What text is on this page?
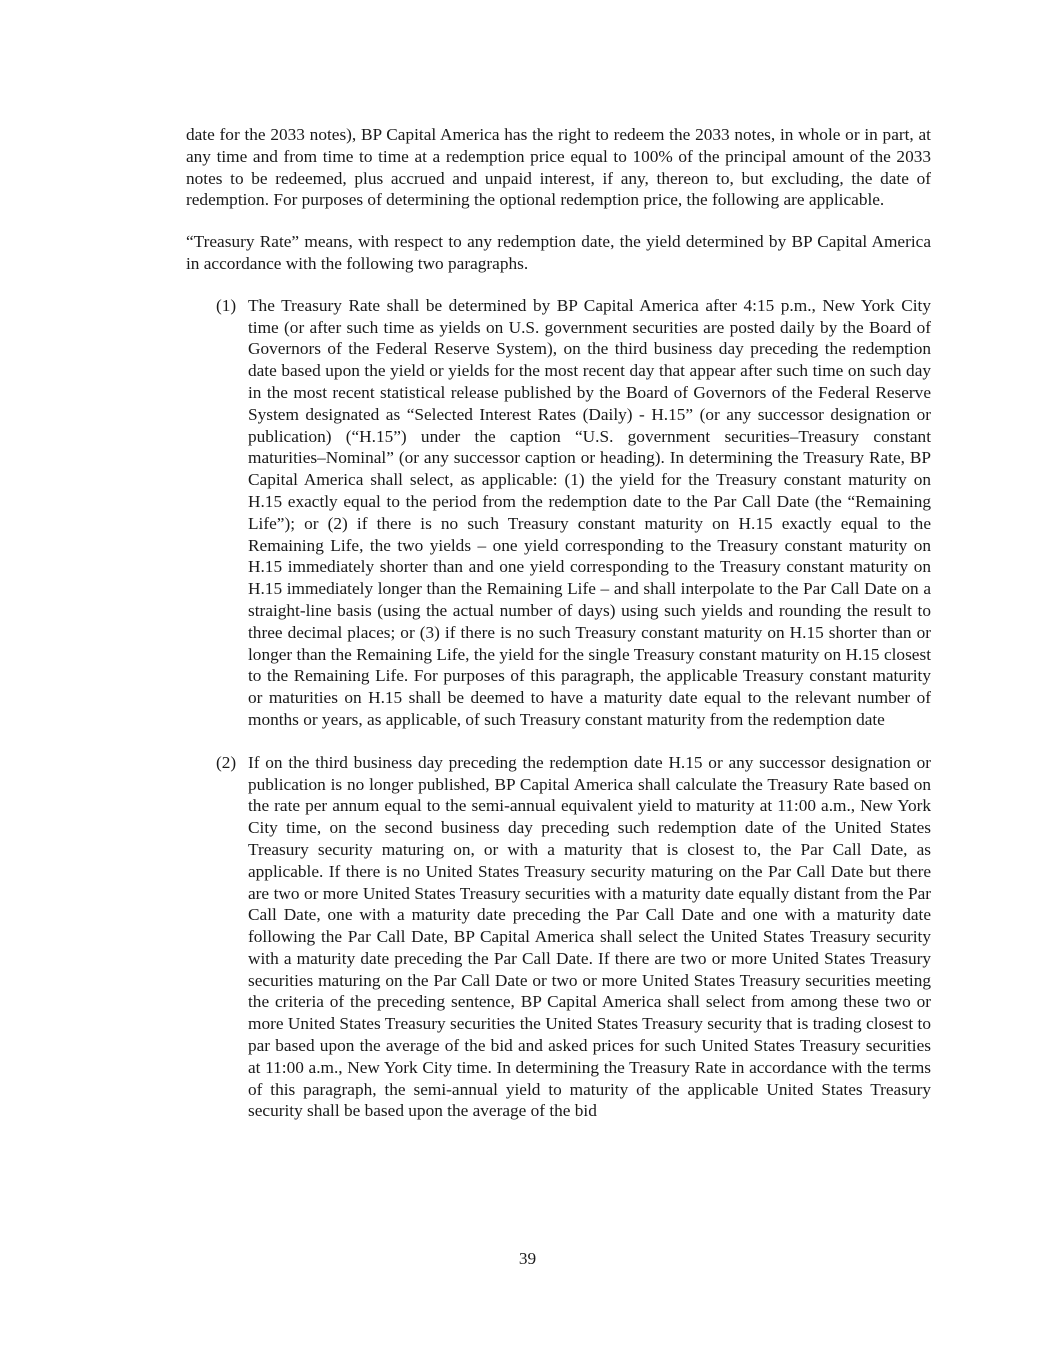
date for the 2033 notes), BP Capital America has the right to redeem the 2033 notes, in whole or in part, at any time and from time to time at a redemption price equal to 100% of the principal amount of the 2033 notes to be redeemed, plus accrued and unpaid interest, if any, thereon to, but excluding, the date of redemption. For purposes of determining the optional redemption price, the following are applicable.

“Treasury Rate” means, with respect to any redemption date, the yield determined by BP Capital America in accordance with the following two paragraphs.

(1) The Treasury Rate shall be determined by BP Capital America after 4:15 p.m., New York City time (or after such time as yields on U.S. government securities are posted daily by the Board of Governors of the Federal Reserve System), on the third business day preceding the redemption date based upon the yield or yields for the most recent day that appear after such time on such day in the most recent statistical release published by the Board of Governors of the Federal Reserve System designated as “Selected Interest Rates (Daily) - H.15” (or any successor designation or publication) (“H.15”) under the caption “U.S. government securities–Treasury constant maturities–Nominal” (or any successor caption or heading). In determining the Treasury Rate, BP Capital America shall select, as applicable: (1) the yield for the Treasury constant maturity on H.15 exactly equal to the period from the redemption date to the Par Call Date (the “Remaining Life”); or (2) if there is no such Treasury constant maturity on H.15 exactly equal to the Remaining Life, the two yields – one yield corresponding to the Treasury constant maturity on H.15 immediately shorter than and one yield corresponding to the Treasury constant maturity on H.15 immediately longer than the Remaining Life – and shall interpolate to the Par Call Date on a straight-line basis (using the actual number of days) using such yields and rounding the result to three decimal places; or (3) if there is no such Treasury constant maturity on H.15 shorter than or longer than the Remaining Life, the yield for the single Treasury constant maturity on H.15 closest to the Remaining Life. For purposes of this paragraph, the applicable Treasury constant maturity or maturities on H.15 shall be deemed to have a maturity date equal to the relevant number of months or years, as applicable, of such Treasury constant maturity from the redemption date
(2) If on the third business day preceding the redemption date H.15 or any successor designation or publication is no longer published, BP Capital America shall calculate the Treasury Rate based on the rate per annum equal to the semi-annual equivalent yield to maturity at 11:00 a.m., New York City time, on the second business day preceding such redemption date of the United States Treasury security maturing on, or with a maturity that is closest to, the Par Call Date, as applicable. If there is no United States Treasury security maturing on the Par Call Date but there are two or more United States Treasury securities with a maturity date equally distant from the Par Call Date, one with a maturity date preceding the Par Call Date and one with a maturity date following the Par Call Date, BP Capital America shall select the United States Treasury security with a maturity date preceding the Par Call Date. If there are two or more United States Treasury securities maturing on the Par Call Date or two or more United States Treasury securities meeting the criteria of the preceding sentence, BP Capital America shall select from among these two or more United States Treasury securities the United States Treasury security that is trading closest to par based upon the average of the bid and asked prices for such United States Treasury securities at 11:00 a.m., New York City time. In determining the Treasury Rate in accordance with the terms of this paragraph, the semi-annual yield to maturity of the applicable United States Treasury security shall be based upon the average of the bid
39
